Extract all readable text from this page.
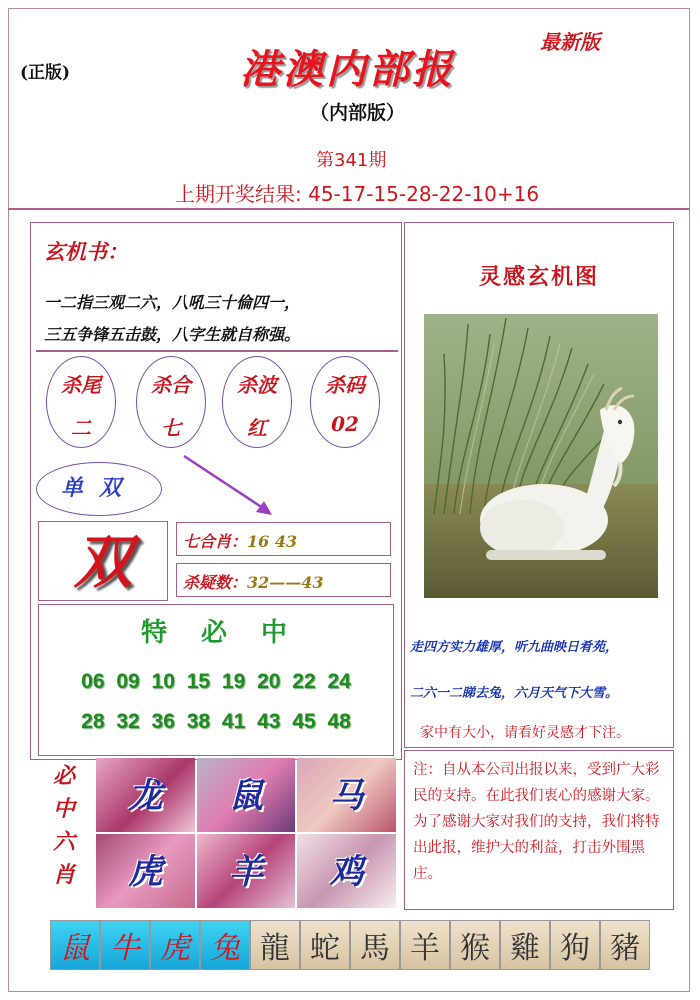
(正版)
最新版
港澳内部报
（内部版）
第341期
上期开奖结果: 45-17-15-28-22-10+16
玄机书：
一二指三观二六，八吼三十倫四一，
三五争锋五击鼓，八字生就自称强。
杀尾
二
杀合
七
杀波
红
杀码
02
单双
双	七合肖：16 43
杀疑数：32——43
特必中
06 09 10 15 19 20 22 24
28 32 36 38 41 43 45 48
灵感玄机图
走四方实力雄厚，听九曲映日肴苑，
二六一二睇去兔，六月天气下大雪。
家中有大小，请看好灵感才下注。
注：自从本公司出报以来，受到广大彩民的支持。在此我们衷心的感谢大家。为了感谢大家对我们的支持，我们将特出此报，维护大的利益，打击外围黑庄。
必
中
六
肖
龙	鼠	马
虎	羊	鸡
鼠 牛 虎 兔 龍 蛇 馬 羊 猴 雞 狗 豬
